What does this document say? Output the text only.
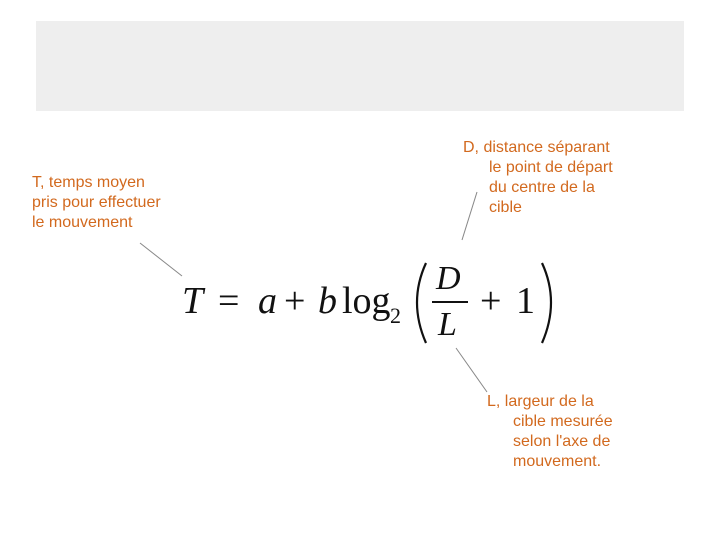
T, temps moyen
pris pour effectuer
le mouvement
D, distance séparant
le point de départ
du centre de la
cible
L, largeur de la
cible mesurée
selon l'axe de
mouvement.
T = a + b log 2
D
L
+ 1
